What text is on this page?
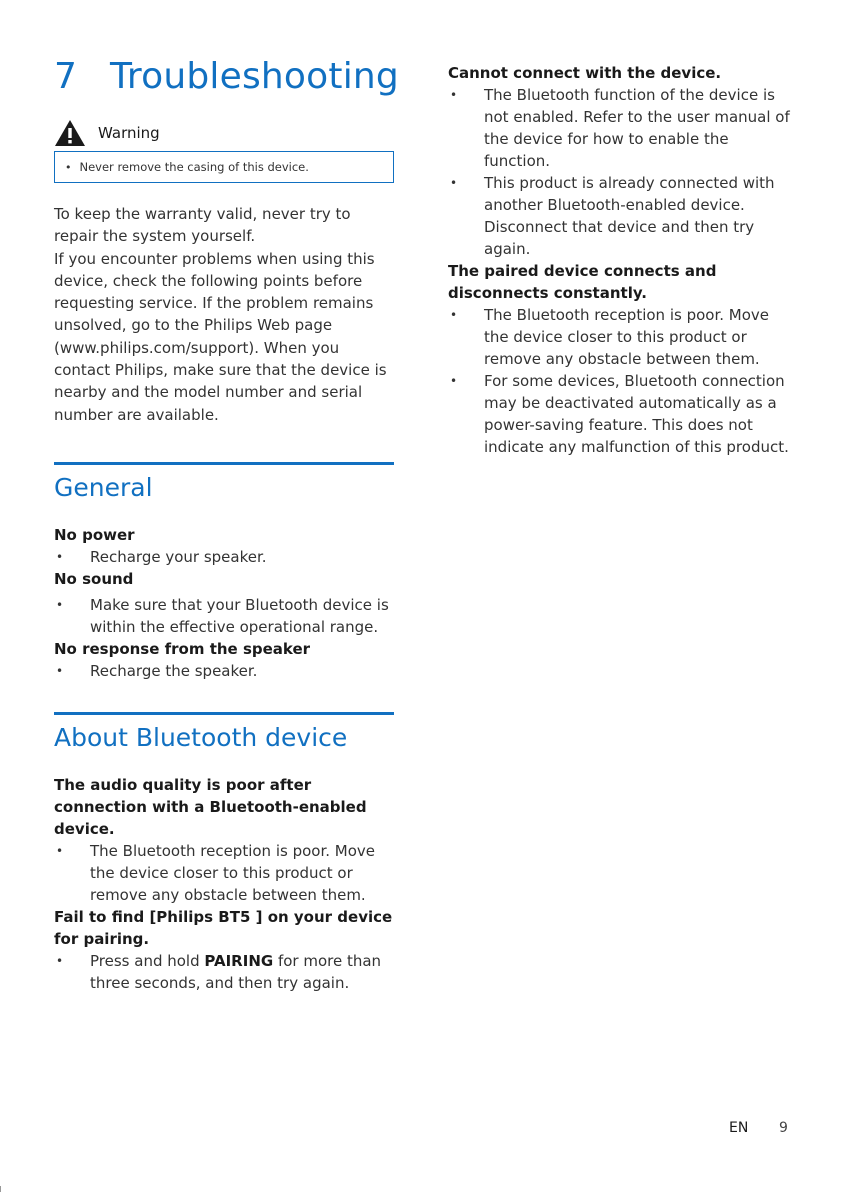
7 Troubleshooting
Warning
• Never remove the casing of this device.

To keep the warranty valid, never try to repair the system yourself.

If you encounter problems when using this device, check the following points before requesting service. If the problem remains unsolved, go to the Philips Web page (www.philips.com/support). When you contact Philips, make sure that the device is nearby and the model number and serial number are available.

General

No power

•	Recharge your speaker.

No sound

•	Make sure that your Bluetooth device is within the effective operational range.

No response from the speaker

•	Recharge the speaker.
About Bluetooth device

The audio quality is poor after connection with a Bluetooth-enabled device.

•	The Bluetooth reception is poor. Move the device closer to this product or remove any obstacle between them.

Fail to find [Philips BT5 ] on your device for pairing.

•	Press and hold PAIRING for more than three seconds, and then try again.

Cannot connect with the device.

•	The Bluetooth function of the device is not enabled. Refer to the user manual of the device for how to enable the function.
•	This product is already connected with another Bluetooth-enabled device. Disconnect that device and then try again.

The paired device connects and disconnects constantly.

•	The Bluetooth reception is poor. Move the device closer to this product or remove any obstacle between them.
•	For some devices, Bluetooth connection may be deactivated automatically as a power-saving feature. This does not indicate any malfunction of this product.
EN 9
